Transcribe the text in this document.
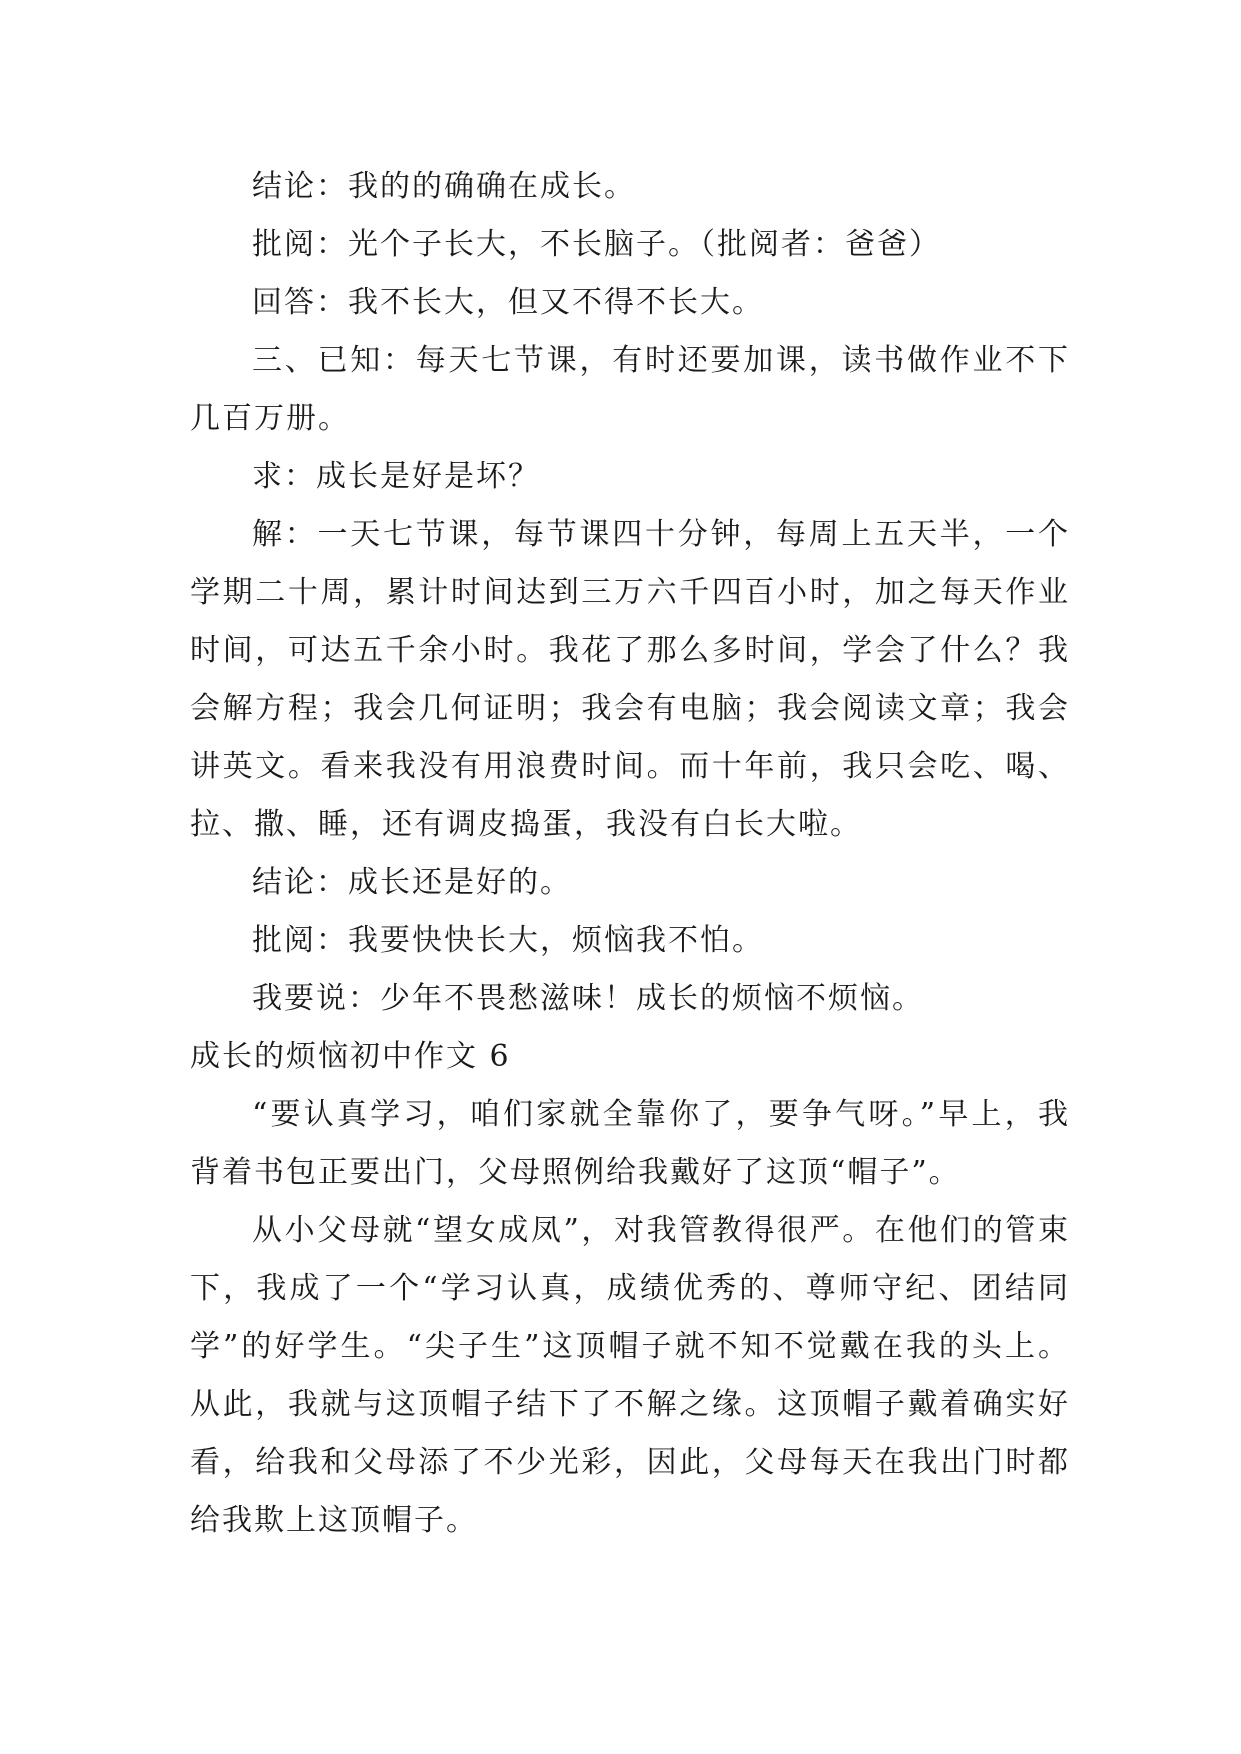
结论：我的的确确在成长。

批阅：光个子长大，不长脑子。（批阅者：爸爸）

回答：我不长大，但又不得不长大。

三、已知：每天七节课，有时还要加课，读书做作业不下几百万册。

求：成长是好是坏？

解：一天七节课，每节课四十分钟，每周上五天半，一个学期二十周，累计时间达到三万六千四百小时，加之每天作业时间，可达五千余小时。我花了那么多时间，学会了什么？我会解方程；我会几何证明；我会有电脑；我会阅读文章；我会讲英文。看来我没有用浪费时间。而十年前，我只会吃、喝、拉、撒、睡，还有调皮捣蛋，我没有白长大啦。

结论：成长还是好的。

批阅：我要快快长大，烦恼我不怕。

我要说：少年不畏愁滋味！成长的烦恼不烦恼。

成长的烦恼初中作文 6

“要认真学习，咱们家就全靠你了，要争气呀。”早上，我背着书包正要出门，父母照例给我戴好了这顶“帽子”。

从小父母就“望女成凤”，对我管教得很严。在他们的管束下，我成了一个“学习认真，成绩优秀的、尊师守纪、团结同学”的好学生。“尖子生”这顶帽子就不知不觉戴在我的头上。从此，我就与这顶帽子结下了不解之缘。这顶帽子戴着确实好看，给我和父母添了不少光彩，因此，父母每天在我出门时都给我欺上这顶帽子。
